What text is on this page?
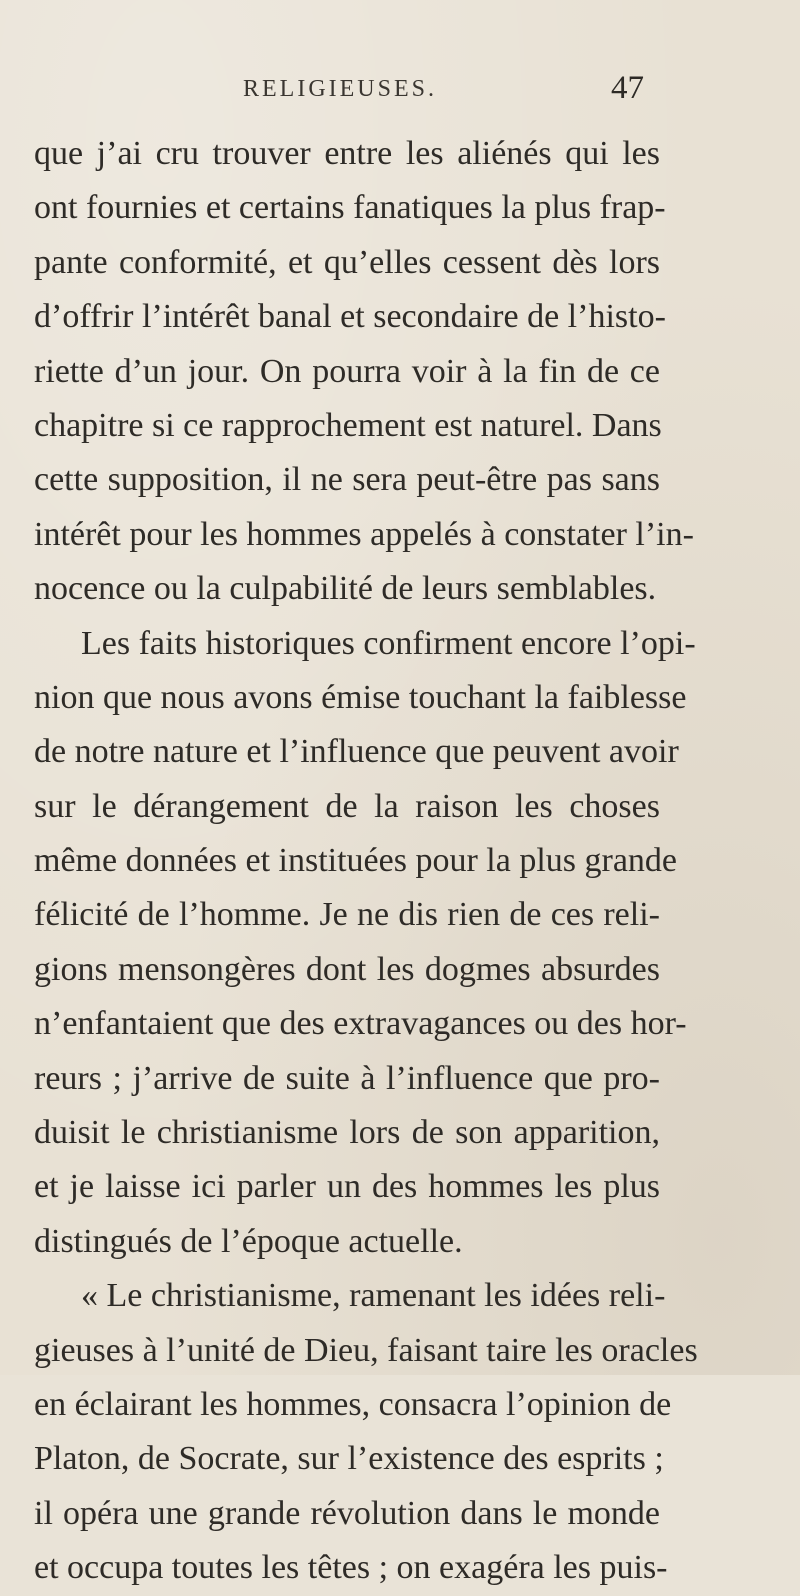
RELIGIEUSES.	47
que j’ai cru trouver entre les aliénés qui les
ont fournies et certains fanatiques la plus frap-
pante conformité, et qu’elles cessent dès lors
d’offrir l’intérêt banal et secondaire de l’histo-
riette d’un jour. On pourra voir à la fin de ce
chapitre si ce rapprochement est naturel. Dans
cette supposition, il ne sera peut-être pas sans
intérêt pour les hommes appelés à constater l’in-
nocence ou la culpabilité de leurs semblables.
Les faits historiques confirment encore l’opi-
nion que nous avons émise touchant la faiblesse
de notre nature et l’influence que peuvent avoir
sur le dérangement de la raison les choses
même données et instituées pour la plus grande
félicité de l’homme. Je ne dis rien de ces reli-
gions mensongères dont les dogmes absurdes
n’enfantaient que des extravagances ou des hor-
reurs ; j’arrive de suite à l’influence que pro-
duisit le christianisme lors de son apparition,
et je laisse ici parler un des hommes les plus
distingués de l’époque actuelle.
« Le christianisme, ramenant les idées reli-
gieuses à l’unité de Dieu, faisant taire les oracles
en éclairant les hommes, consacra l’opinion de
Platon, de Socrate, sur l’existence des esprits ;
il opéra une grande révolution dans le monde
et occupa toutes les têtes ; on exagéra les puis-
